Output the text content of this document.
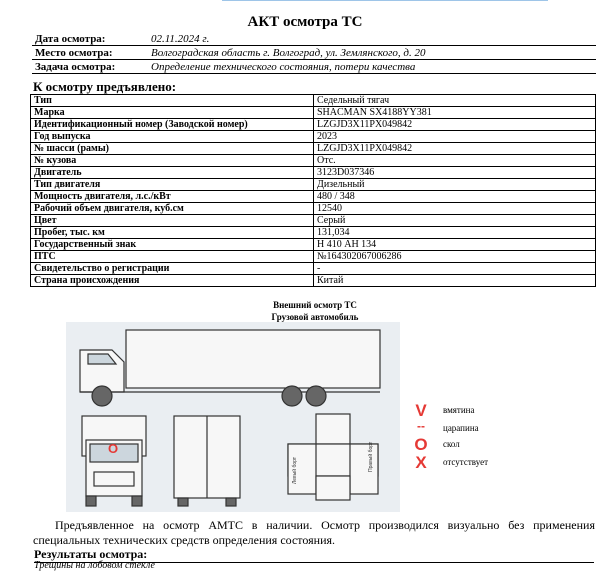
АКТ осмотра ТС
Дата осмотра:	02.11.2024 г.
Место осмотра:	Волгоградская область г. Волгоград, ул. Землянского, д. 20
Задача осмотра:	Определение технического состояния, потери качества
К осмотру предъявлено:
Тип	Седельный тягач
Марка	SHACMAN SX4188YY381
Идентификационный номер (Заводской номер)	LZGJD3X11PX049842
Год выпуска	2023
№ шасси (рамы)	LZGJD3X11PX049842
№ кузова	Отс.
Двигатель	3123D037346
Тип двигателя	Дизельный
Мощность двигателя, л.с./кВт	480 / 348
Рабочий объем двигателя, куб.см	12540
Цвет	Серый
Пробег, тыс. км	131,034
Государственный знак	Н 410 АН 134
ПТС	№164302067006286
Свидетельство о регистрации	-
Страна происхождения	Китай
Внешний осмотр ТС
Грузовой автомобиль
O
Левый борт	Правый борт
V	вмятина
--	царапина
O скол
X	отсутствует
Предъявленное на осмотр АМТС в наличии. Осмотр производился визуально без применения специальных технических средств определения состояния.
Результаты осмотра:
Трещины на лобовом стекле
